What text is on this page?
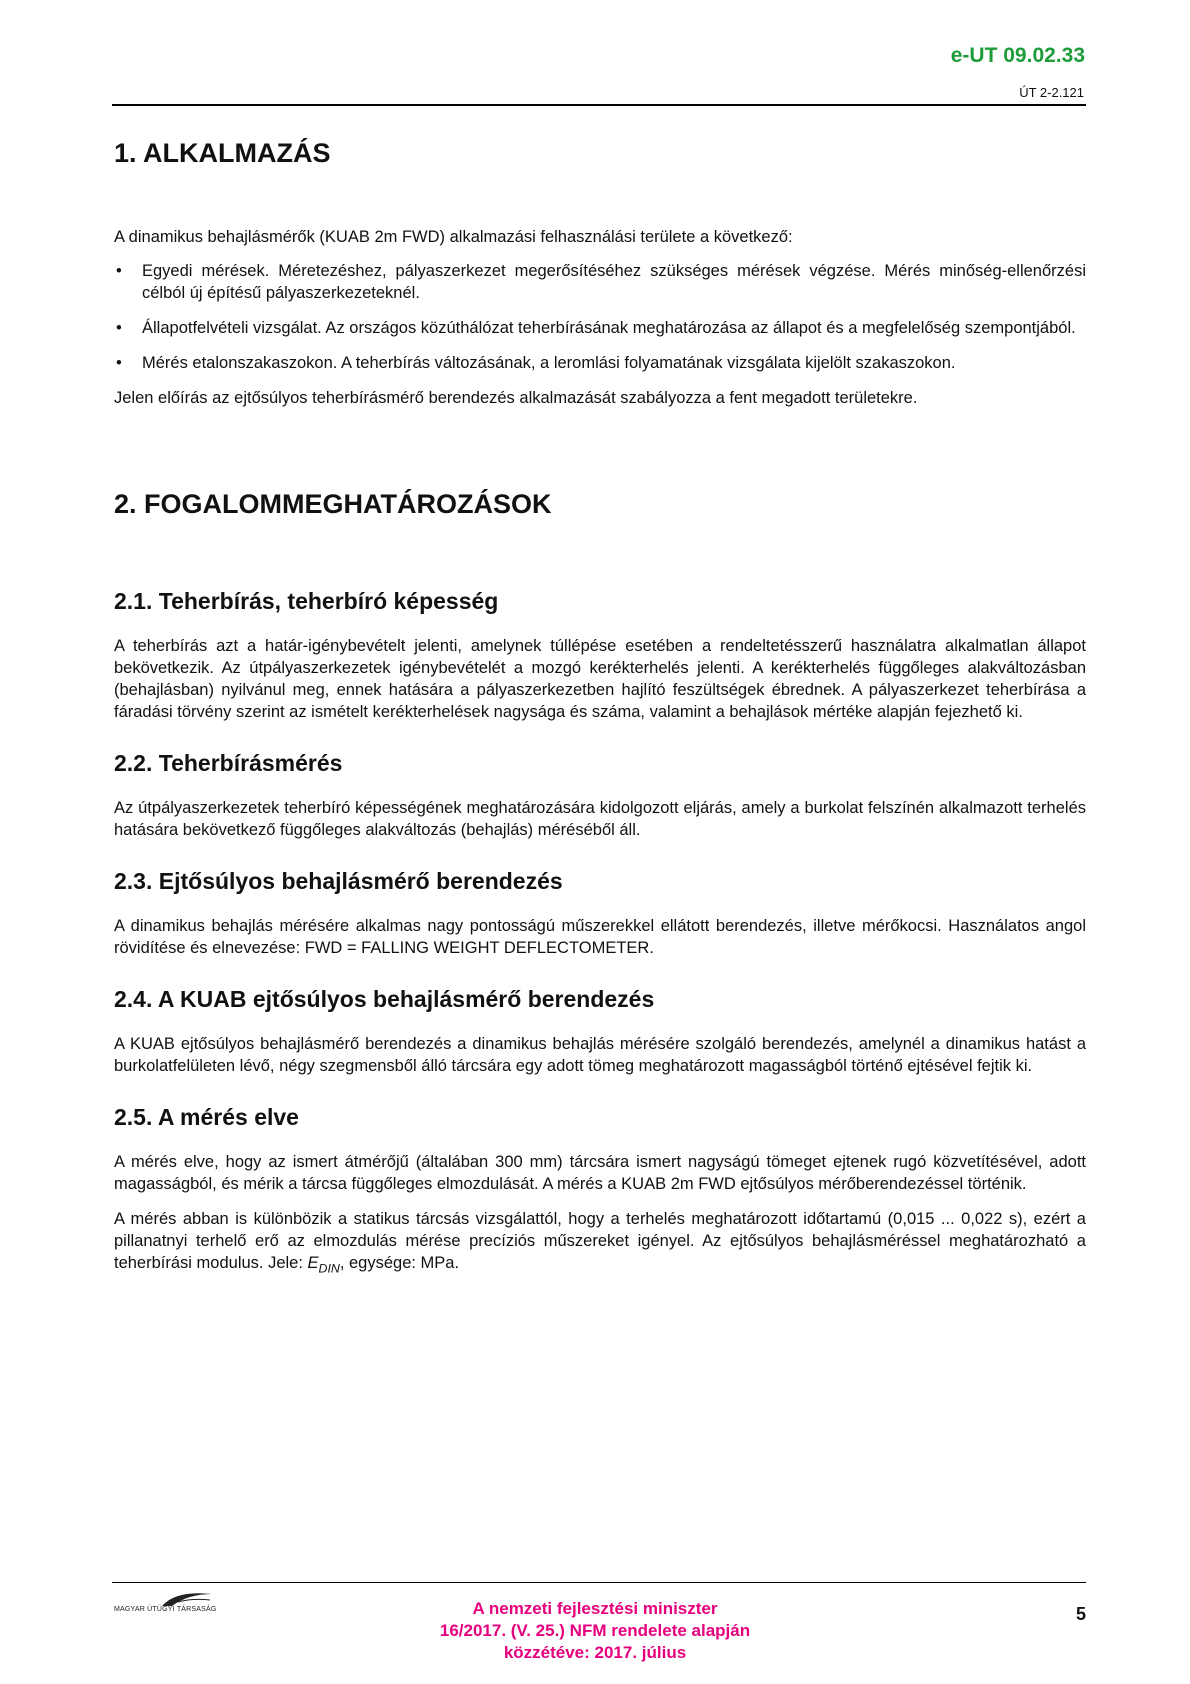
e-UT 09.02.33
ÚT 2-2.121
1. ALKALMAZÁS

A dinamikus behajlásmérők (KUAB 2m FWD) alkalmazási felhasználási területe a következő:

• Egyedi mérések. Méretezéshez, pályaszerkezet megerősítéséhez szükséges mérések végzése. Mérés minőség-ellenőrzési célból új építésű pályaszerkezeteknél.
• Állapotfelvételi vizsgálat. Az országos közúthálózat teherbírásának meghatározása az állapot és a megfelelőség szempontjából.
• Mérés etalonszakaszokon. A teherbírás változásának, a leromlási folyamatának vizsgálata kijelölt szakaszokon.

Jelen előírás az ejtősúlyos teherbírásmérő berendezés alkalmazását szabályozza a fent megadott területekre.

2. FOGALOMMEGHATÁROZÁSOK
2.1. Teherbírás, teherbíró képesség

A teherbírás azt a határ-igénybevételt jelenti, amelynek túllépése esetében a rendeltetésszerű használatra alkalmatlan állapot bekövetkezik. Az útpályaszerkezetek igénybevételét a mozgó kerékterhelés jelenti. A kerékterhelés függőleges alakváltozásban (behajlásban) nyilvánul meg, ennek hatására a pályaszerkezetben hajlító feszültségek ébrednek. A pályaszerkezet teherbírása a fáradási törvény szerint az ismételt kerékterhelések nagysága és száma, valamint a behajlások mértéke alapján fejezhető ki.

2.2. Teherbírásmérés

Az útpályaszerkezetek teherbíró képességének meghatározására kidolgozott eljárás, amely a burkolat felszínén alkalmazott terhelés hatására bekövetkező függőleges alakváltozás (behajlás) méréséből áll.

2.3. Ejtősúlyos behajlásmérő berendezés

A dinamikus behajlás mérésére alkalmas nagy pontosságú műszerekkel ellátott berendezés, illetve mérőkocsi. Használatos angol rövidítése és elnevezése: FWD = FALLING WEIGHT DEFLECTOMETER.

2.4. A KUAB ejtősúlyos behajlásmérő berendezés

A KUAB ejtősúlyos behajlásmérő berendezés a dinamikus behajlás mérésére szolgáló berendezés, amelynél a dinamikus hatást a burkolatfelületen lévő, négy szegmensből álló tárcsára egy adott tömeg meghatározott magasságból történő ejtésével fejtik ki.

2.5. A mérés elve

A mérés elve, hogy az ismert átmérőjű (általában 300 mm) tárcsára ismert nagyságú tömeget ejtenek rugó közvetítésével, adott magasságból, és mérik a tárcsa függőleges elmozdulását. A mérés a KUAB 2m FWD ejtősúlyos mérőberendezéssel történik.

A mérés abban is különbözik a statikus tárcsás vizsgálattól, hogy a terhelés meghatározott időtartamú (0,015 ... 0,022 s), ezért a pillanatnyi terhelő erő az elmozdulás mérése precíziós műszereket igényel. Az ejtősúlyos behajlásméréssel meghatározható a teherbírási modulus. Jele: $E_{DIN}$, egysége: MPa.

MAGYAR ÚTÜGYI TÁRSASÁG	A nemzeti fejlesztési miniszter
16/2017. (V. 25.) NFM rendelete alapján
közzétéve: 2017. július
5
